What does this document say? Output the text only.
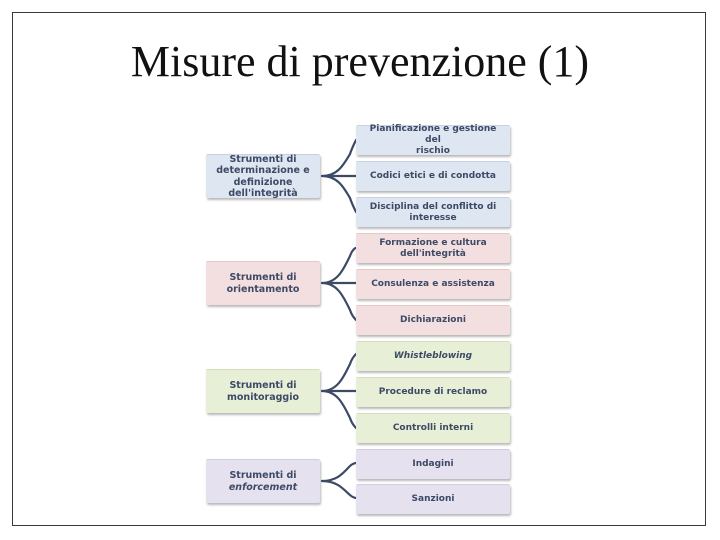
Misure di prevenzione (1)
Strumenti di
determinazione e
definizione dell'integrità
Pianificazione e gestione del
rischio
Codici etici e di condotta
Disciplina del conflitto di
interesse
Strumenti di
orientamento
Formazione e cultura
dell'integrità
Consulenza e assistenza
Dichiarazioni
Strumenti di
monitoraggio
Whistleblowing
Procedure di reclamo
Controlli interni
Strumenti di
enforcement
Indagini
Sanzioni
